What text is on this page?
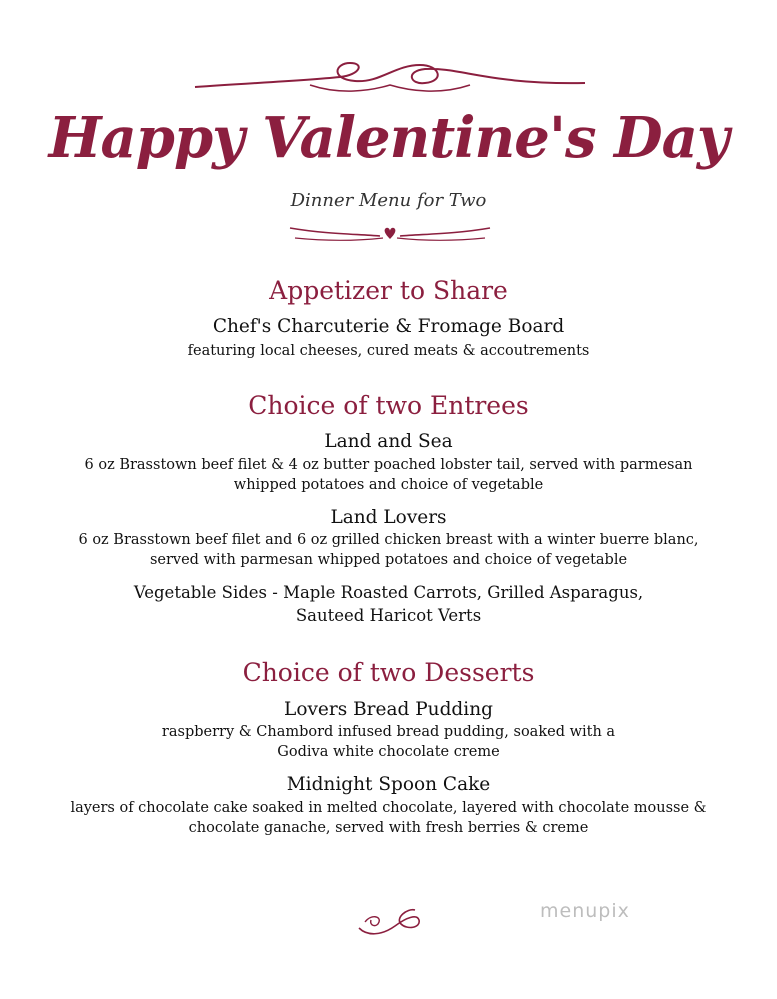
Happy Valentine's Day
Dinner Menu for Two
Appetizer to Share
Chef's Charcuterie & Fromage Board
featuring local cheeses, cured meats & accoutrements
Choice of two Entrees
Land and Sea
6 oz Brasstown beef filet & 4 oz butter poached lobster tail, served with parmesan
whipped potatoes and choice of vegetable
Land Lovers
6 oz Brasstown beef filet and 6 oz grilled chicken breast with a winter buerre blanc,
served with parmesan whipped potatoes and choice of vegetable
Vegetable Sides - Maple Roasted Carrots, Grilled Asparagus,
Sauteed Haricot Verts
Choice of two Desserts
Lovers Bread Pudding
raspberry & Chambord infused bread pudding, soaked with a
Godiva white chocolate creme
Midnight Spoon Cake
layers of chocolate cake soaked in melted chocolate, layered with chocolate mousse &
chocolate ganache, served with fresh berries & creme
menupix
